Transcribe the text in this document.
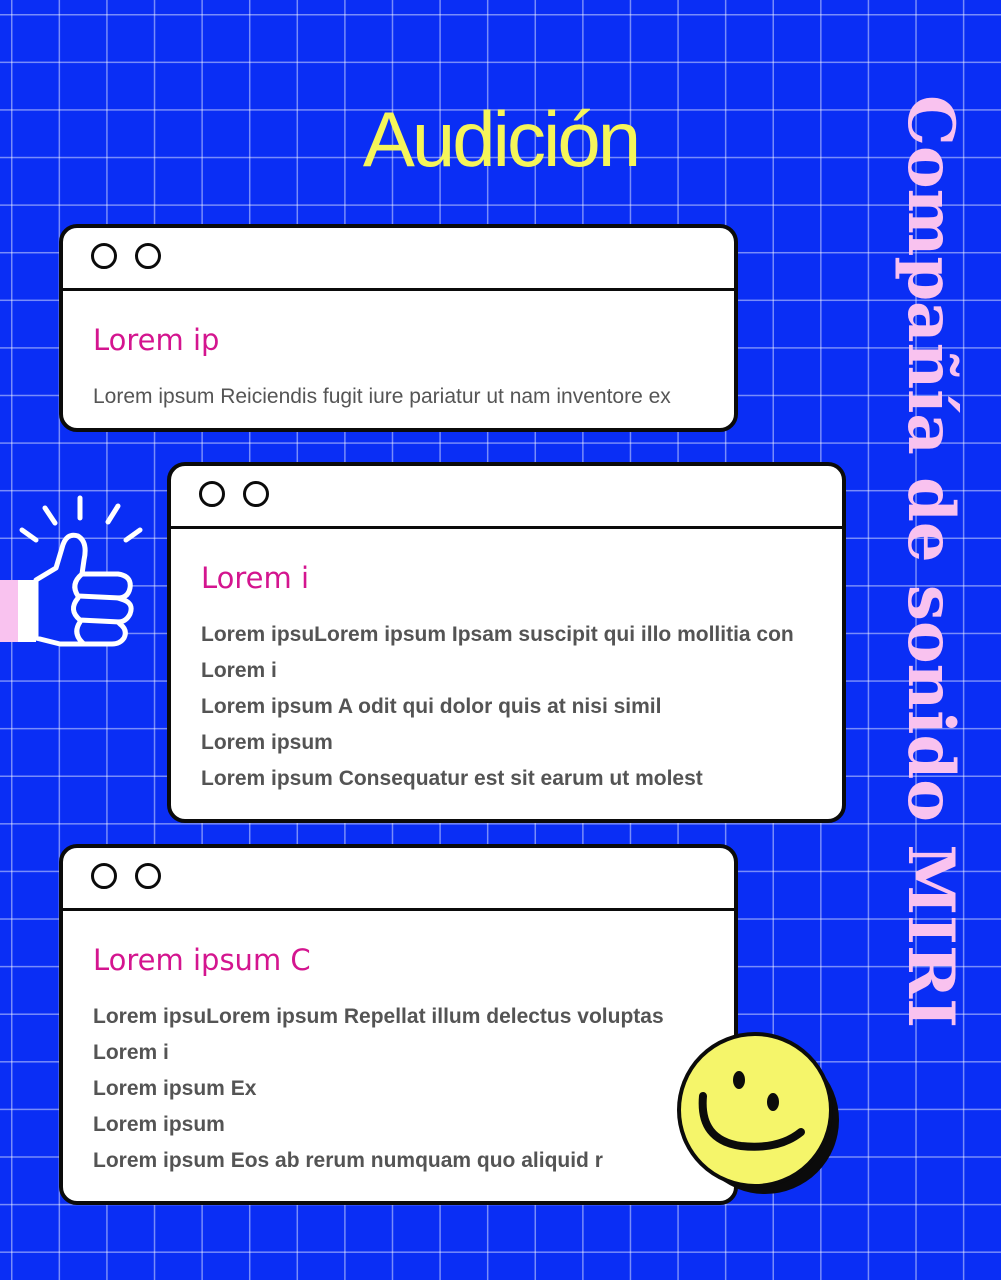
Audición	Compañía de sonido MIRI
Lorem ip

Lorem ipsum Reiciendis fugit iure pariatur ut nam inventore ex

Lorem i

Lorem ipsuLorem ipsum Ipsam suscipit qui illo mollitia con

Lorem i

Lorem ipsum A odit qui dolor quis at nisi simil

Lorem ipsum

Lorem ipsum Consequatur est sit earum ut molest

Lorem ipsum C

Lorem ipsuLorem ipsum Repellat illum delectus voluptas

Lorem i

Lorem ipsum Ex

Lorem ipsum

Lorem ipsum Eos ab rerum numquam quo aliquid r
